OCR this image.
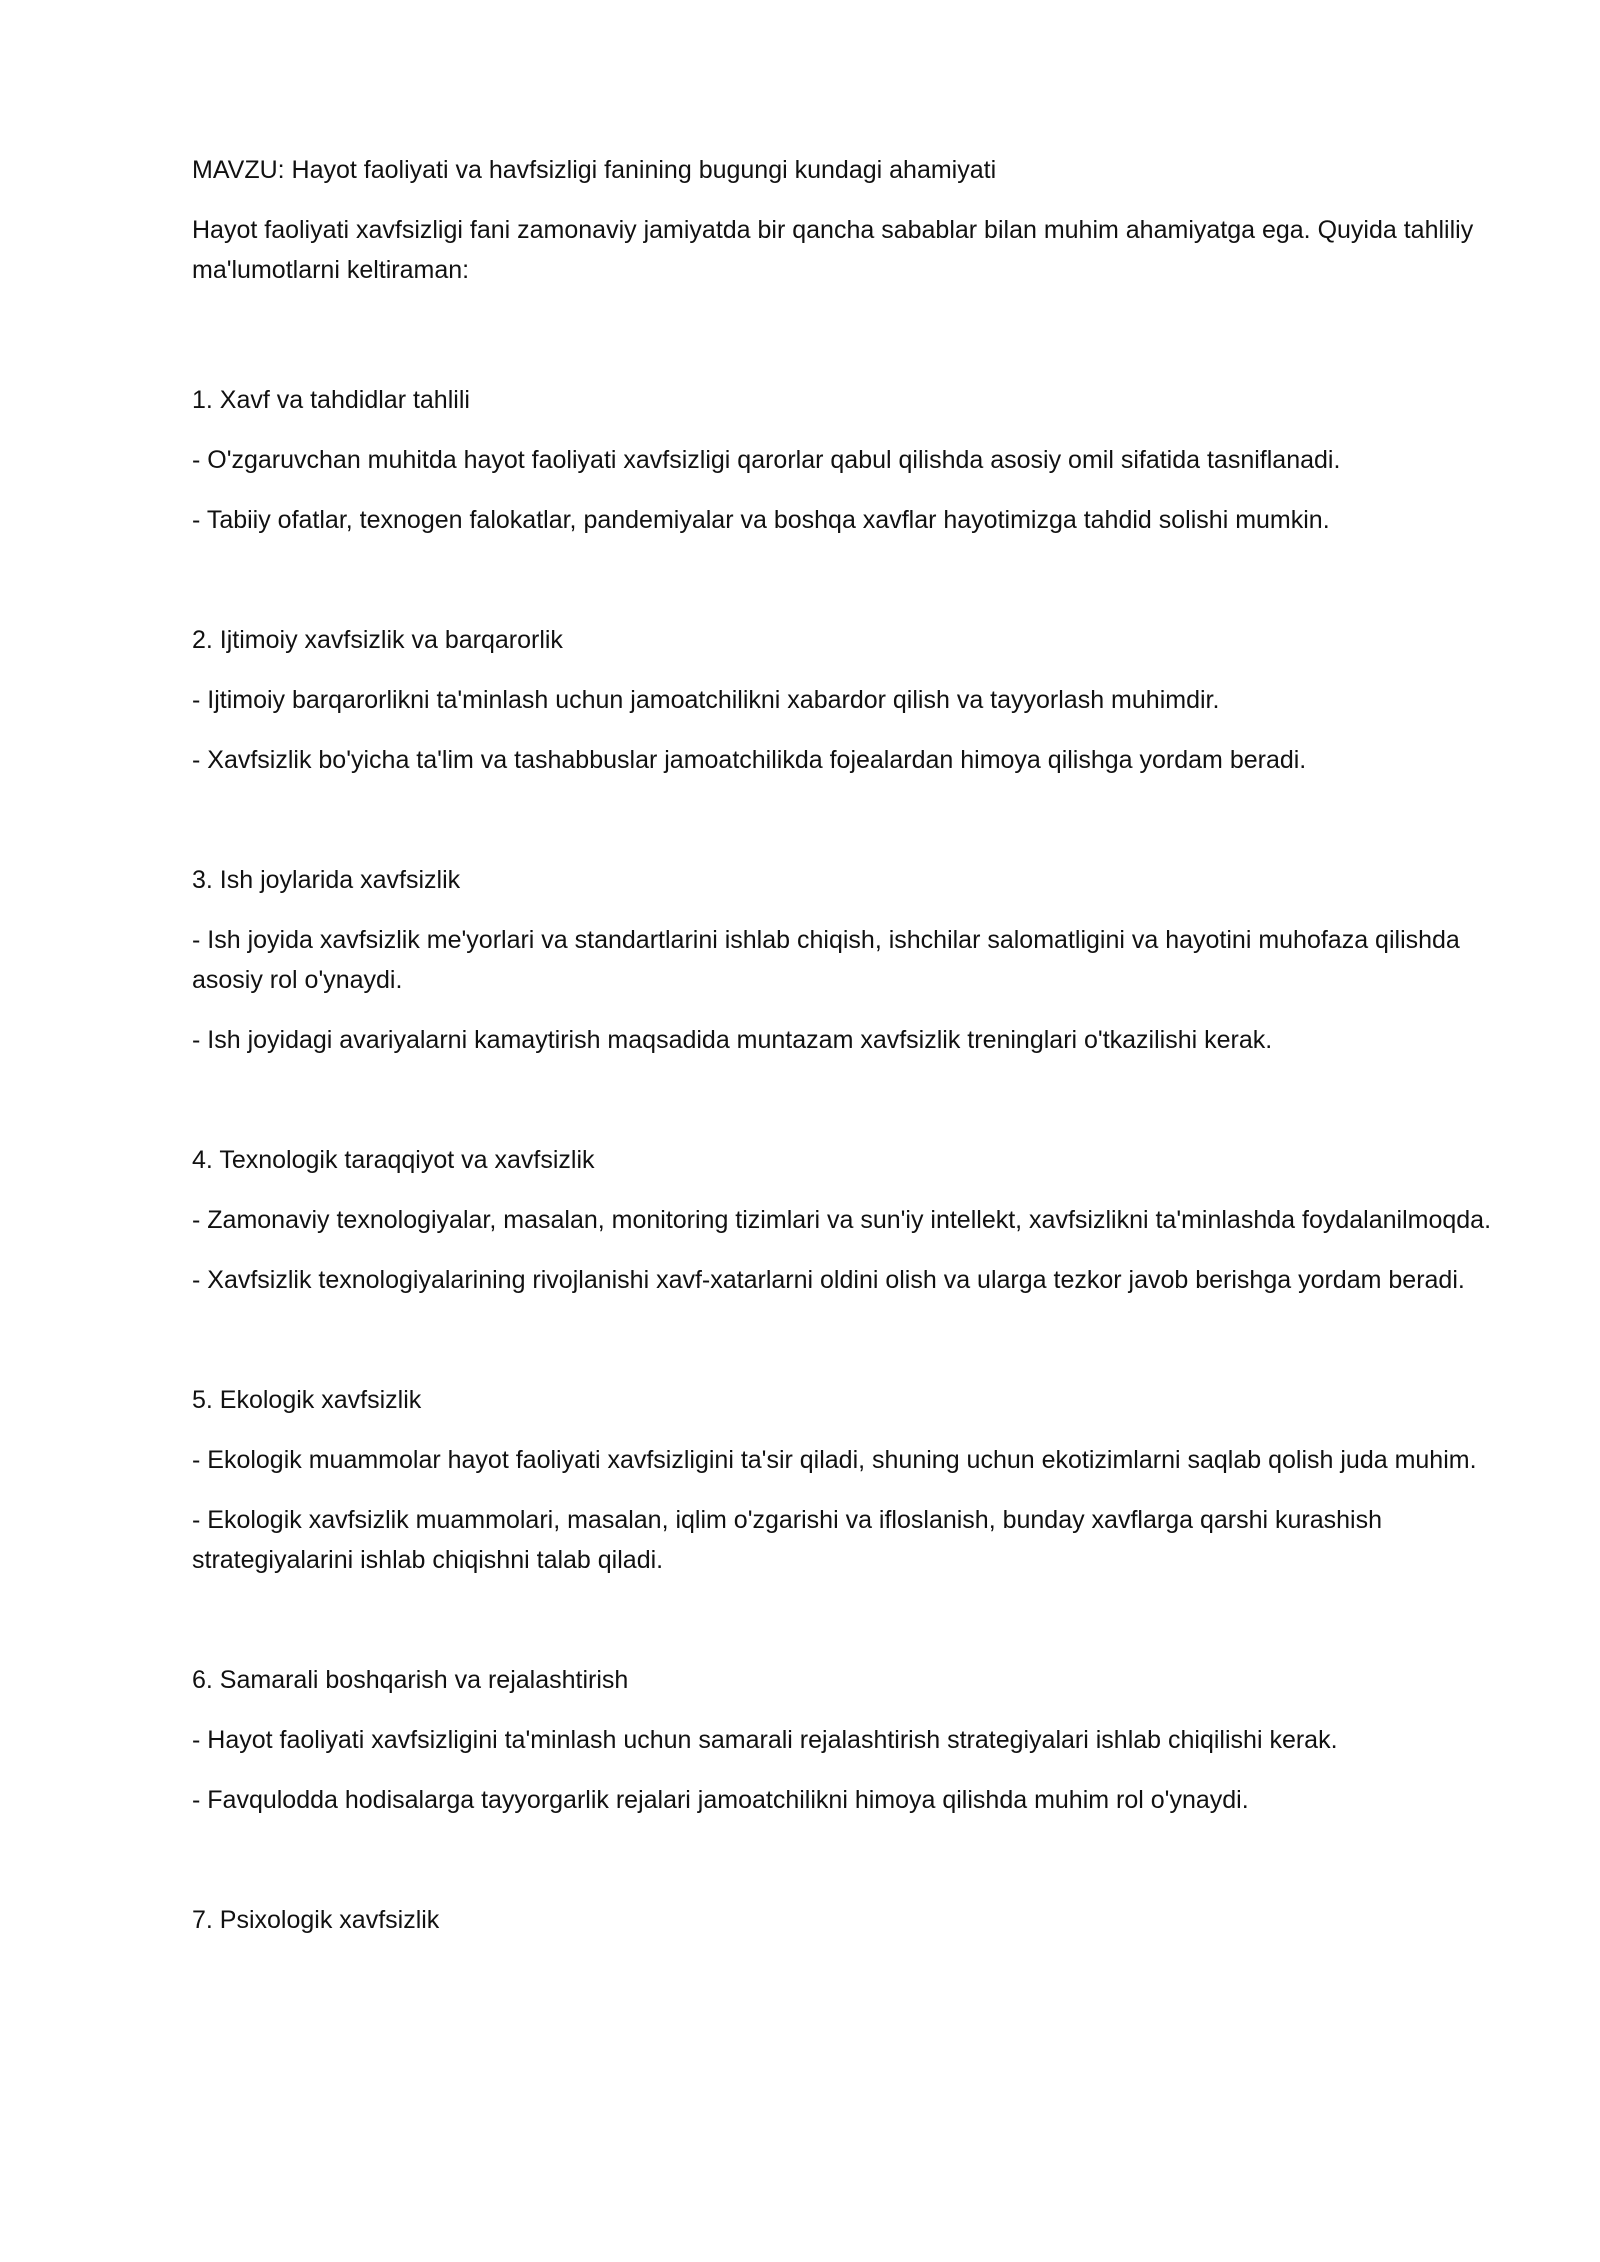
MAVZU: Hayot faoliyati va havfsizligi fanining bugungi kundagi ahamiyati

Hayot faoliyati xavfsizligi fani zamonaviy jamiyatda bir qancha sabablar bilan muhim ahamiyatga ega. Quyida tahliliy ma'lumotlarni keltiraman:

1. Xavf va tahdidlar tahlili

- O'zgaruvchan muhitda hayot faoliyati xavfsizligi qarorlar qabul qilishda asosiy omil sifatida tasniflanadi.

- Tabiiy ofatlar, texnogen falokatlar, pandemiyalar va boshqa xavflar hayotimizga tahdid solishi mumkin.

2. Ijtimoiy xavfsizlik va barqarorlik

- Ijtimoiy barqarorlikni ta'minlash uchun jamoatchilikni xabardor qilish va tayyorlash muhimdir.

- Xavfsizlik bo'yicha ta'lim va tashabbuslar jamoatchilikda fojealardan himoya qilishga yordam beradi.

3. Ish joylarida xavfsizlik

- Ish joyida xavfsizlik me'yorlari va standartlarini ishlab chiqish, ishchilar salomatligini va hayotini muhofaza qilishda asosiy rol o'ynaydi.

- Ish joyidagi avariyalarni kamaytirish maqsadida muntazam xavfsizlik treninglari o'tkazilishi kerak.

4. Texnologik taraqqiyot va xavfsizlik

- Zamonaviy texnologiyalar, masalan, monitoring tizimlari va sun'iy intellekt, xavfsizlikni ta'minlashda foydalanilmoqda.

- Xavfsizlik texnologiyalarining rivojlanishi xavf-xatarlarni oldini olish va ularga tezkor javob berishga yordam beradi.

5. Ekologik xavfsizlik

- Ekologik muammolar hayot faoliyati xavfsizligini ta'sir qiladi, shuning uchun ekotizimlarni saqlab qolish juda muhim.

- Ekologik xavfsizlik muammolari, masalan, iqlim o'zgarishi va ifloslanish, bunday xavflarga qarshi kurashish strategiyalarini ishlab chiqishni talab qiladi.

6. Samarali boshqarish va rejalashtirish

- Hayot faoliyati xavfsizligini ta'minlash uchun samarali rejalashtirish strategiyalari ishlab chiqilishi kerak.

- Favqulodda hodisalarga tayyorgarlik rejalari jamoatchilikni himoya qilishda muhim rol o'ynaydi.

7. Psixologik xavfsizlik
